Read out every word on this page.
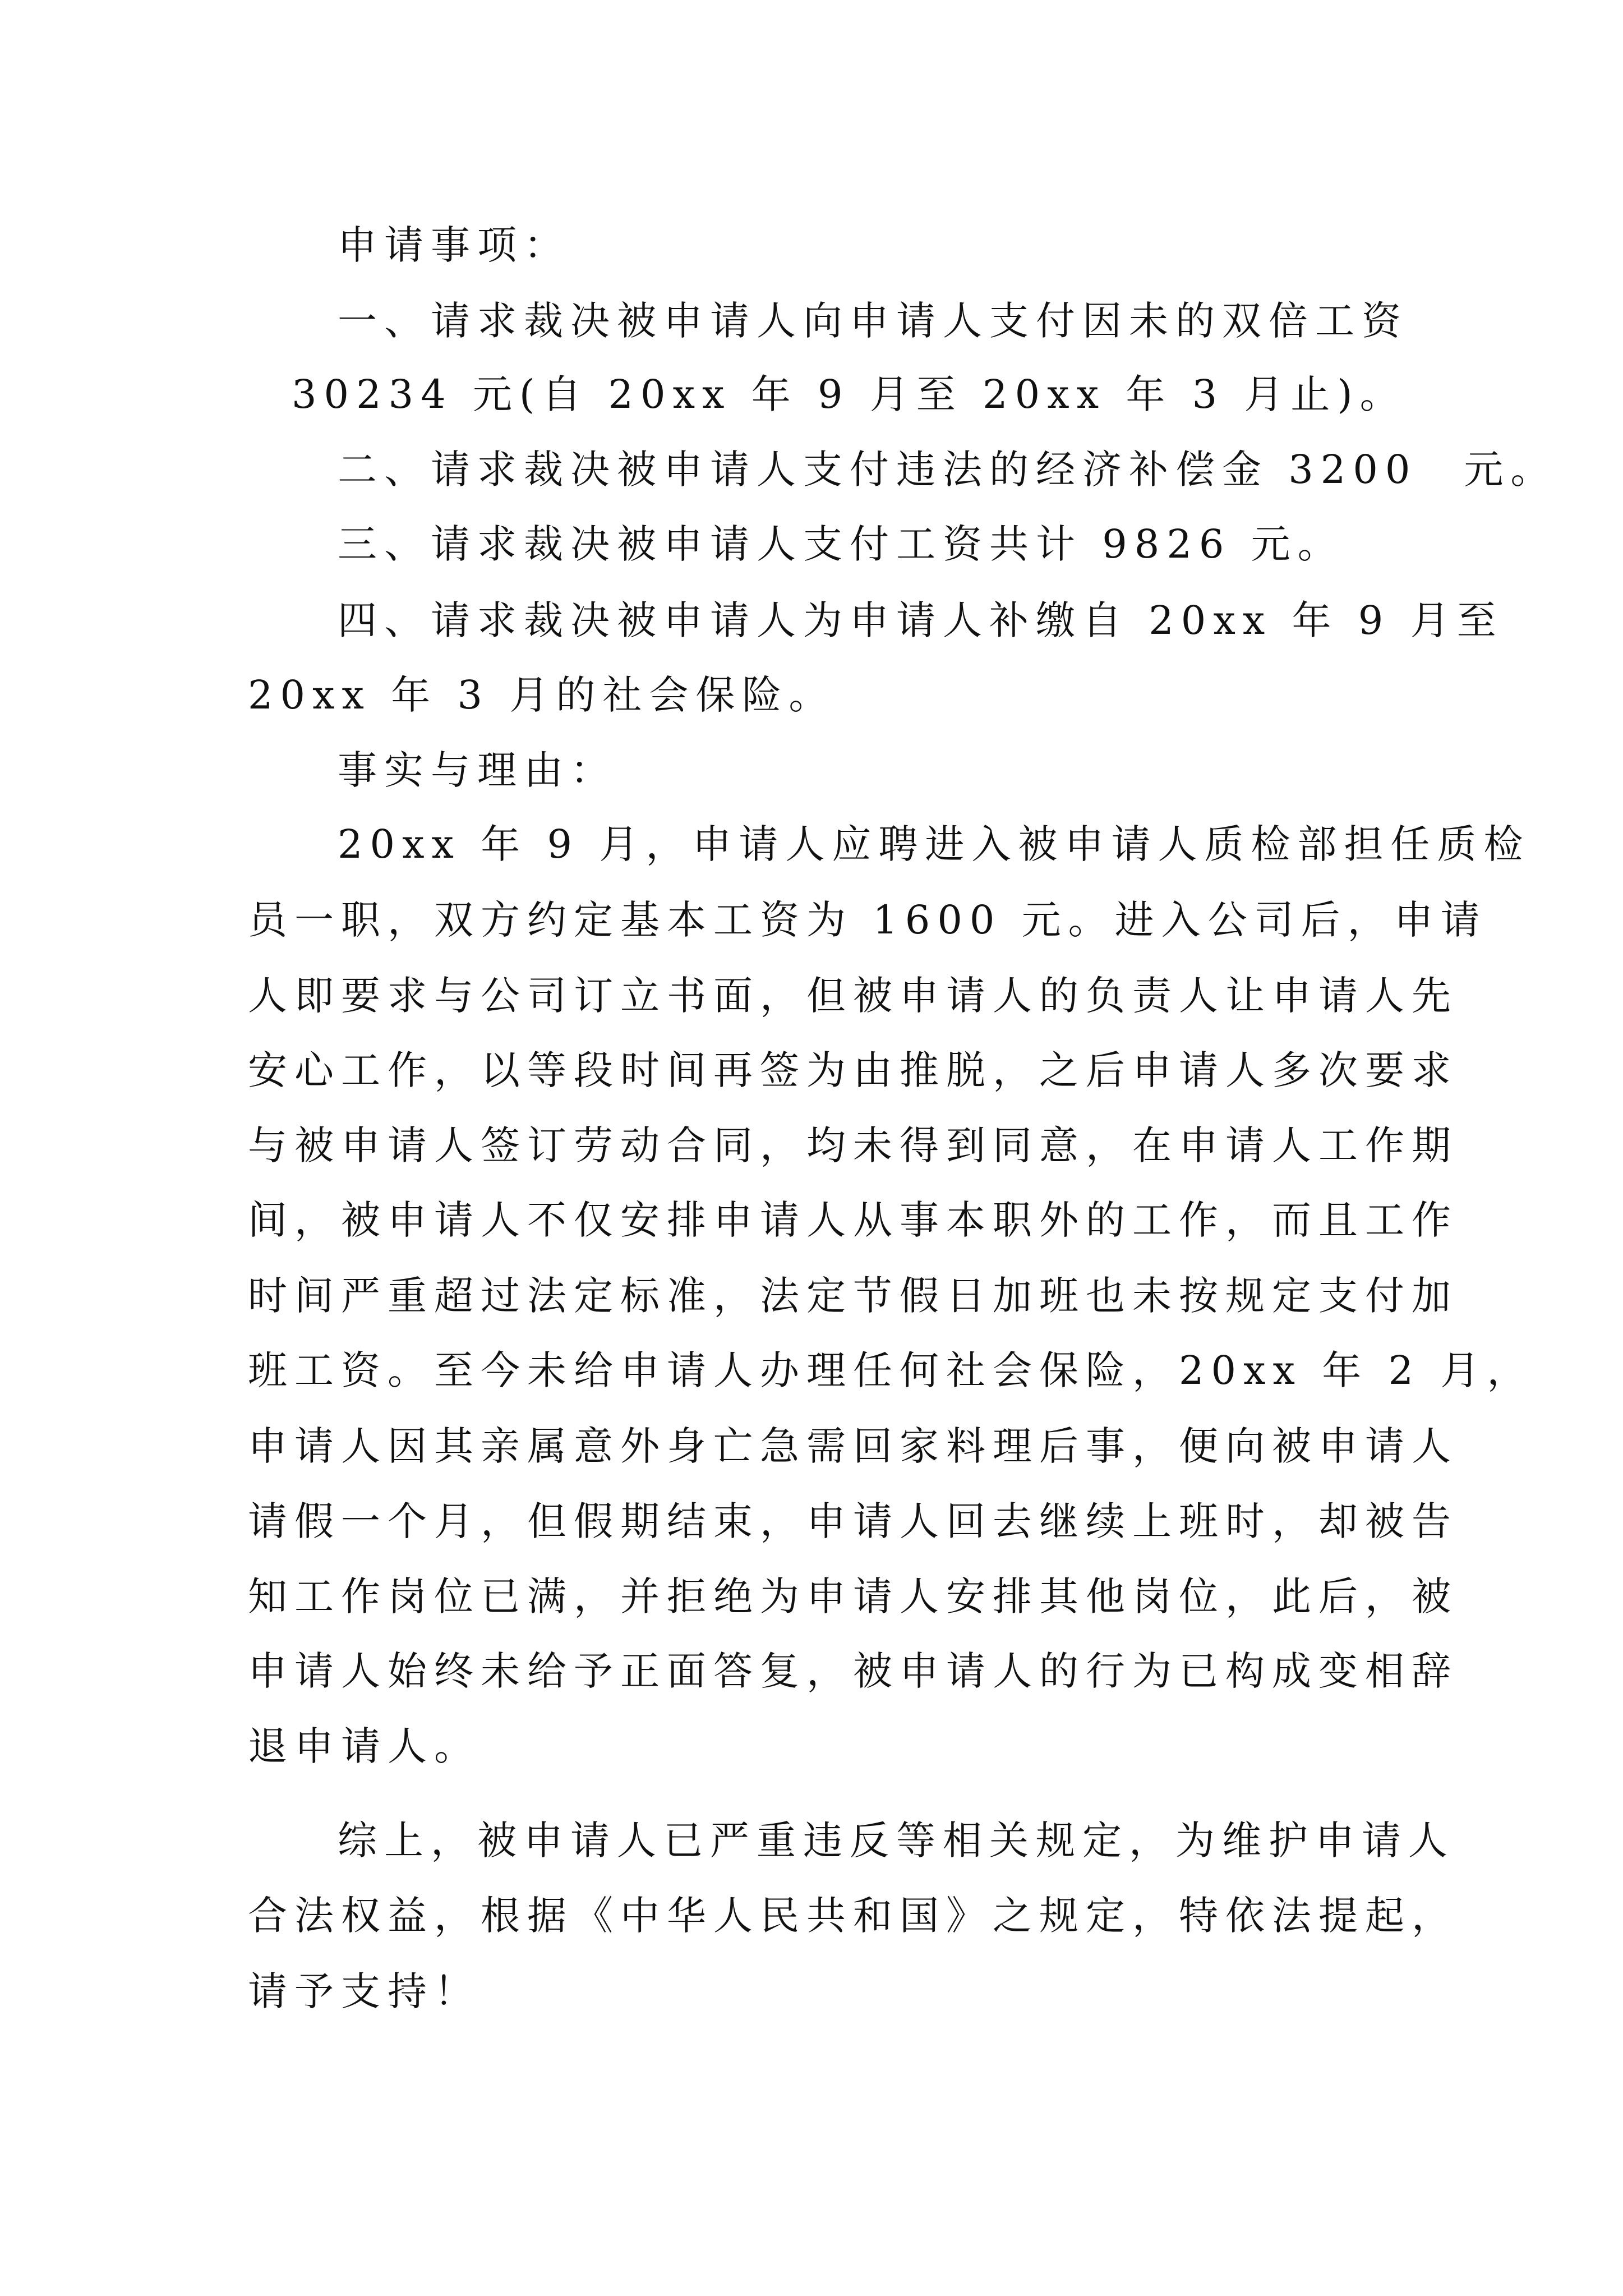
申请事项：
一、请求裁决被申请人向申请人支付因未的双倍工资
30234 元(自 20xx 年 9 月至 20xx 年 3 月止)。
二、请求裁决被申请人支付违法的经济补偿金 3200　元。
三、请求裁决被申请人支付工资共计 9826 元。
四、请求裁决被申请人为申请人补缴自 20xx 年 9 月至
20xx 年 3 月的社会保险。
事实与理由：
20xx 年 9 月，申请人应聘进入被申请人质检部担任质检
员一职，双方约定基本工资为 1600 元。进入公司后，申请
人即要求与公司订立书面，但被申请人的负责人让申请人先
安心工作，以等段时间再签为由推脱，之后申请人多次要求
与被申请人签订劳动合同，均未得到同意，在申请人工作期
间，被申请人不仅安排申请人从事本职外的工作，而且工作
时间严重超过法定标准，法定节假日加班也未按规定支付加
班工资。至今未给申请人办理任何社会保险，20xx 年 2 月，
申请人因其亲属意外身亡急需回家料理后事，便向被申请人
请假一个月，但假期结束，申请人回去继续上班时，却被告
知工作岗位已满，并拒绝为申请人安排其他岗位，此后，被
申请人始终未给予正面答复，被申请人的行为已构成变相辞
退申请人。
综上，被申请人已严重违反等相关规定，为维护申请人
合法权益，根据《中华人民共和国》之规定，特依法提起，
请予支持！
